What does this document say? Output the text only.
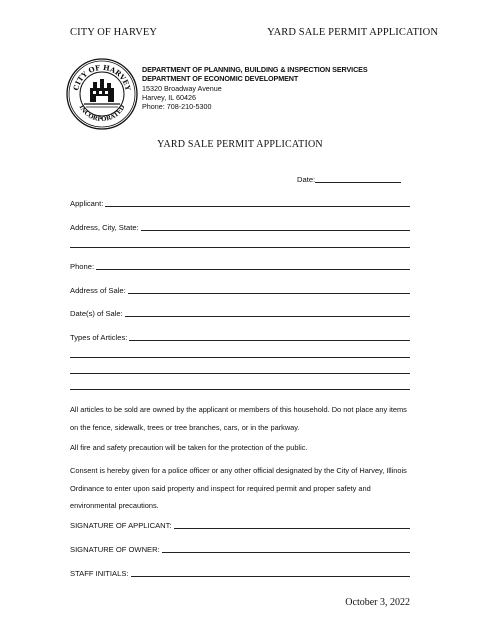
CITY OF HARVEY	YARD SALE PERMIT APPLICATION
CITY OF HARVEY
INCORPORATED
DEPARTMENT OF PLANNING, BUILDING & INSPECTION SERVICES
DEPARTMENT OF ECONOMIC DEVELOPMENT
15320 Broadway Avenue
Harvey, IL 60426
Phone: 708-210-5300
YARD SALE PERMIT APPLICATION
Date:
Applicant:
Address, City, State:
Phone:
Address of Sale:
Date(s) of Sale:
Types of Articles:
All articles to be sold are owned by the applicant or members of this household. Do not place any items on the fence, sidewalk, trees or tree branches, cars, or in the parkway.
All fire and safety precaution will be taken for the protection of the public.
Consent is hereby given for a police officer or any other official designated by the City of Harvey, Illinois Ordinance to enter upon said property and inspect for required permit and proper safety and environmental precautions.
SIGNATURE OF APPLICANT:
SIGNATURE OF OWNER:
STAFF INITIALS:
October 3, 2022
